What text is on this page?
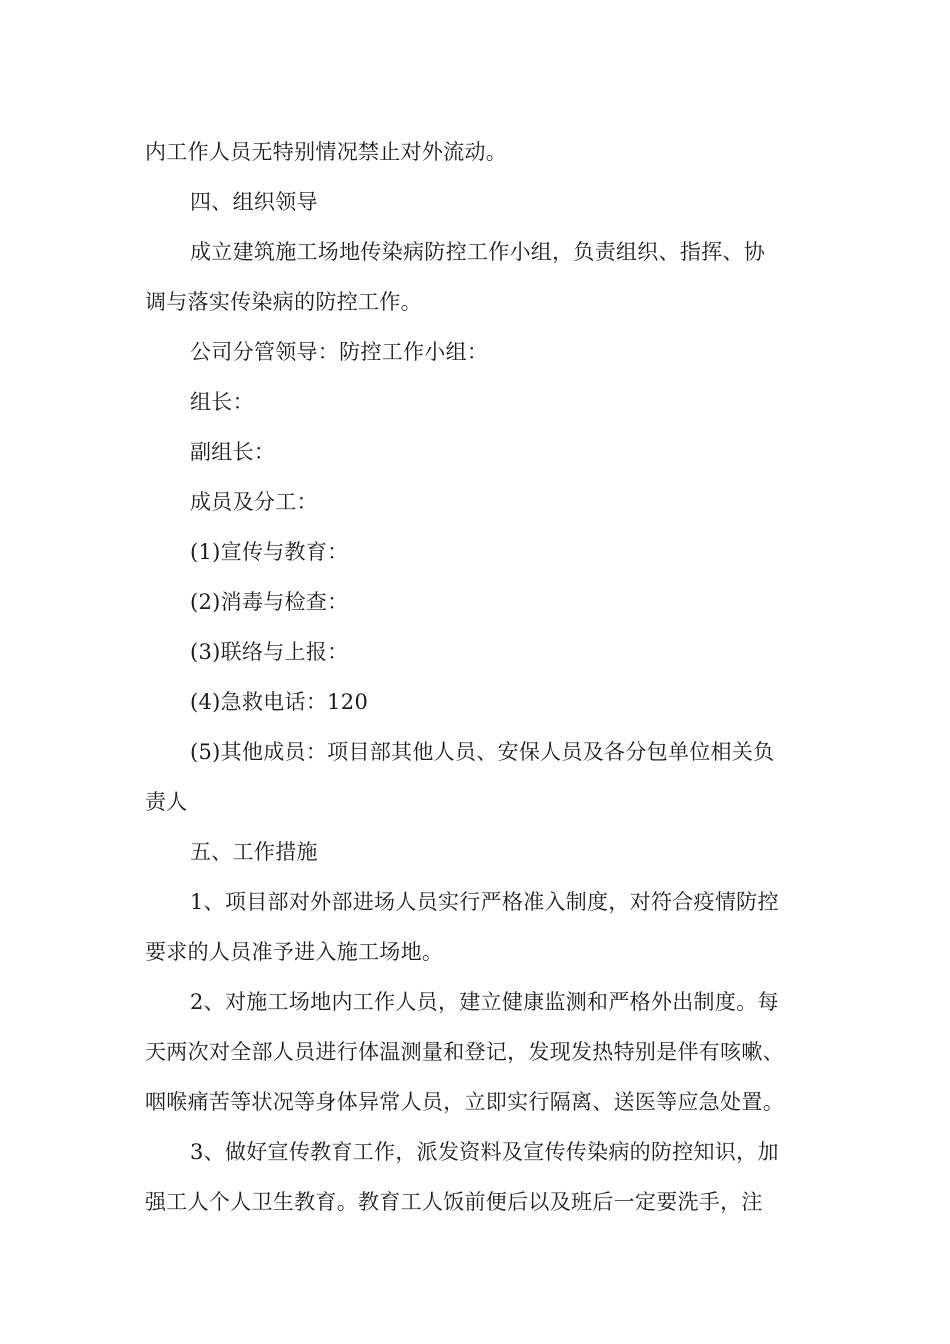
内工作人员无特别情况禁止对外流动。
四、组织领导
成立建筑施工场地传染病防控工作小组，负责组织、指挥、协
调与落实传染病的防控工作。
公司分管领导：防控工作小组：
组长：
副组长：
成员及分工：
(1)宣传与教育：
(2)消毒与检查：
(3)联络与上报：
(4)急救电话：120
(5)其他成员：项目部其他人员、安保人员及各分包单位相关负
责人
五、工作措施
1、项目部对外部进场人员实行严格准入制度，对符合疫情防控
要求的人员准予进入施工场地。
2、对施工场地内工作人员，建立健康监测和严格外出制度。每
天两次对全部人员进行体温测量和登记，发现发热特别是伴有咳嗽、
咽喉痛苦等状况等身体异常人员，立即实行隔离、送医等应急处置。
3、做好宣传教育工作，派发资料及宣传传染病的防控知识，加
强工人个人卫生教育。教育工人饭前便后以及班后一定要洗手，注
